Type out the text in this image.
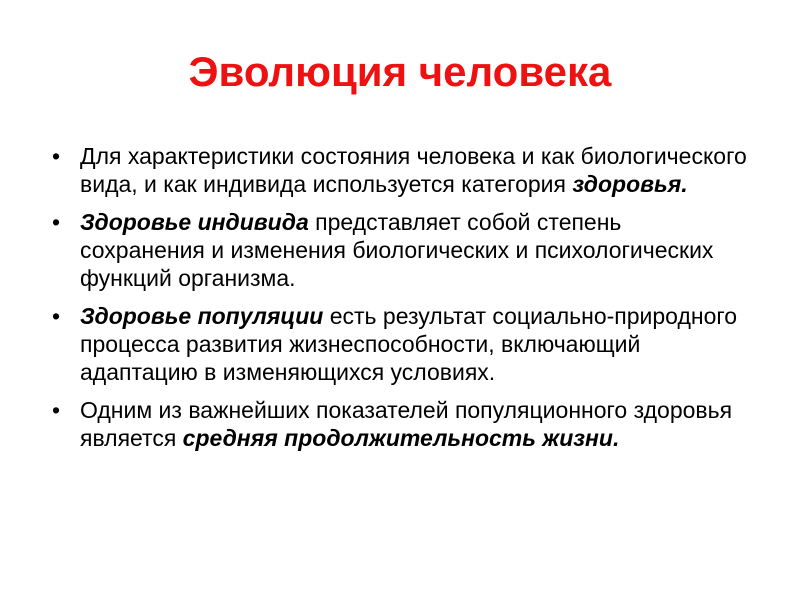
Эволюция человека
• Для характеристики состояния человека и как биологического вида, и как индивида используется категория здоровья.
• Здоровье индивида представляет собой степень сохранения и изменения биологических и психологических функций организма.
• Здоровье популяции есть результат социально-природного процесса развития жизнеспособности, включающий адаптацию в изменяющихся условиях.
• Одним из важнейших показателей популяционного здоровья является средняя продолжительность жизни.
